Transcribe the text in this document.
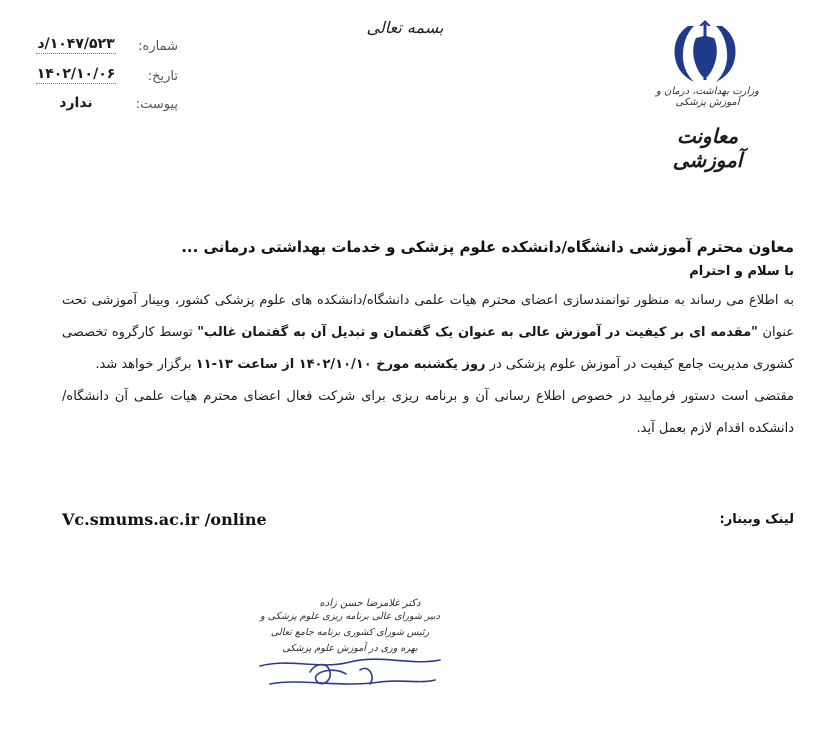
شماره:
۱۰۴۷/۵۲۳/د
تاریخ:
۱۴۰۲/۱۰/۰۶
پیوست:
ندارد
بسمه تعالی
وزارت بهداشت، درمان و آموزش پزشکی
معاونت آموزشی

معاون محترم آموزشی دانشگاه/دانشکده علوم پزشکی و خدمات بهداشتی درمانی ...

با سلام و احترام

به اطلاع می رساند به منظور توانمندسازی اعضای محترم هیات علمی دانشگاه/دانشکده های علوم پزشکی کشور، وبینار آموزشی تحت عنوان "مقدمه ای بر کیفیت در آموزش عالی به عنوان یک گفتمان و تبدیل آن به گفتمان غالب" توسط کارگروه تخصصی کشوری مدیریت جامع کیفیت در آموزش علوم پزشکی در روز یکشنبه مورخ ۱۴۰۲/۱۰/۱۰ از ساعت ۱۳-۱۱ برگزار خواهد شد.

مقتضی است دستور فرمایید در خصوص اطلاع رسانی آن و برنامه ریزی برای شرکت فعال اعضای محترم هیات علمی آن دانشگاه/دانشکده اقدام لازم بعمل آید.

لینک وبینار:
Vc.smums.ac.ir /online
دکتر غلامرضا حسن زاده
دبیر شورای عالی برنامه ریزی علوم پزشکی و
رئیس شورای کشوری برنامه جامع تعالی
بهره وری در آموزش علوم پزشکی
